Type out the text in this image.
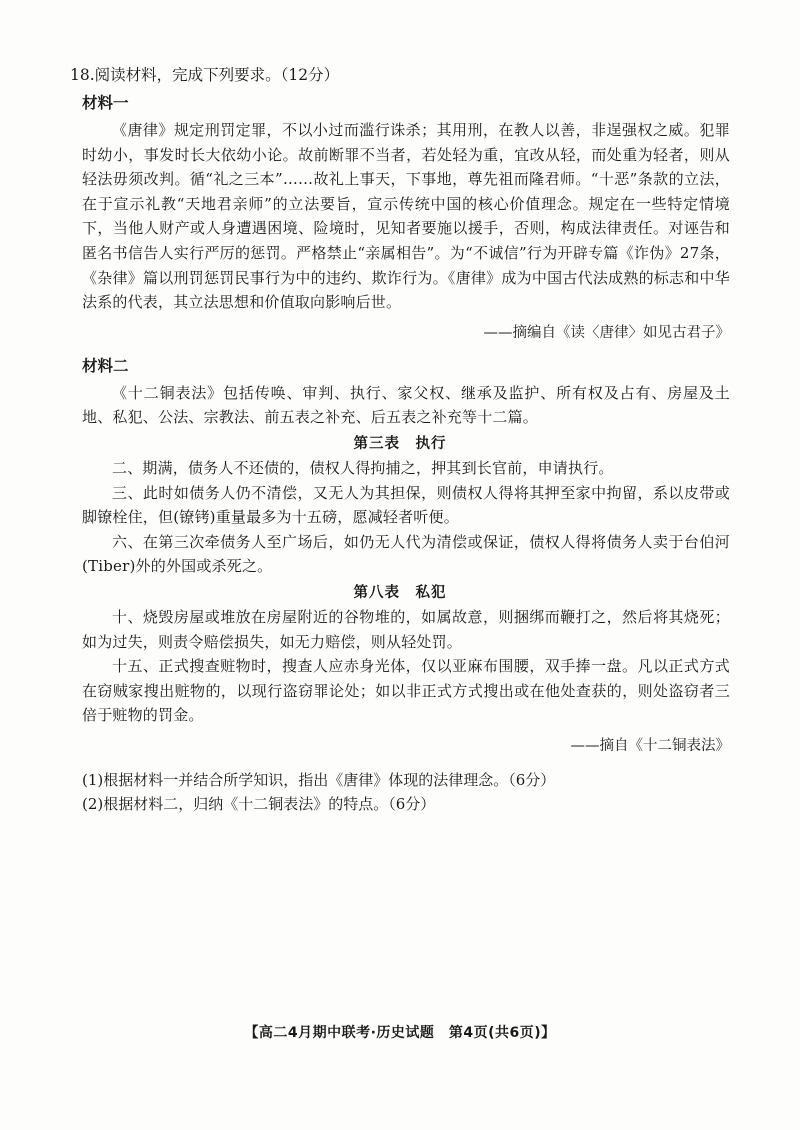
18.阅读材料，完成下列要求。（12分）
材料一

《唐律》规定刑罚定罪，不以小过而滥行诛杀；其用刑，在教人以善，非逞强权之威。犯罪时幼小，事发时长大依幼小论。故前断罪不当者，若处轻为重，宜改从轻，而处重为轻者，则从轻法毋须改判。循“礼之三本”……故礼上事天，下事地，尊先祖而隆君师。“十恶”条款的立法，在于宣示礼教“天地君亲师”的立法要旨，宣示传统中国的核心价值理念。规定在一些特定情境下，当他人财产或人身遭遇困境、险境时，见知者要施以援手，否则，构成法律责任。对诬告和匿名书信告人实行严厉的惩罚。严格禁止“亲属相告”。为“不诚信”行为开辟专篇《诈伪》27条，《杂律》篇以刑罚惩罚民事行为中的违约、欺诈行为。《唐律》成为中国古代法成熟的标志和中华法系的代表，其立法思想和价值取向影响后世。

——摘编自《读〈唐律〉如见古君子》
材料二

《十二铜表法》包括传唤、审判、执行、家父权、继承及监护、所有权及占有、房屋及土地、私犯、公法、宗教法、前五表之补充、后五表之补充等十二篇。

第三表　执行

二、期满，债务人不还债的，债权人得拘捕之，押其到长官前，申请执行。

三、此时如债务人仍不清偿，又无人为其担保，则债权人得将其押至家中拘留，系以皮带或脚镣栓住，但(镣铐)重量最多为十五磅，愿减轻者听便。

六、在第三次牵债务人至广场后，如仍无人代为清偿或保证，债权人得将债务人卖于台伯河(Tiber)外的外国或杀死之。

第八表　私犯

十、烧毁房屋或堆放在房屋附近的谷物堆的，如属故意，则捆绑而鞭打之，然后将其烧死；如为过失，则责令赔偿损失，如无力赔偿，则从轻处罚。

十五、正式搜查赃物时，搜查人应赤身光体，仅以亚麻布围腰，双手捧一盘。凡以正式方式在窃贼家搜出赃物的，以现行盗窃罪论处；如以非正式方式搜出或在他处查获的，则处盗窃者三倍于赃物的罚金。

——摘自《十二铜表法》
(1)根据材料一并结合所学知识，指出《唐律》体现的法律理念。（6分）
(2)根据材料二，归纳《十二铜表法》的特点。（6分）
【高二4月期中联考·历史试题　第4页(共6页)】
